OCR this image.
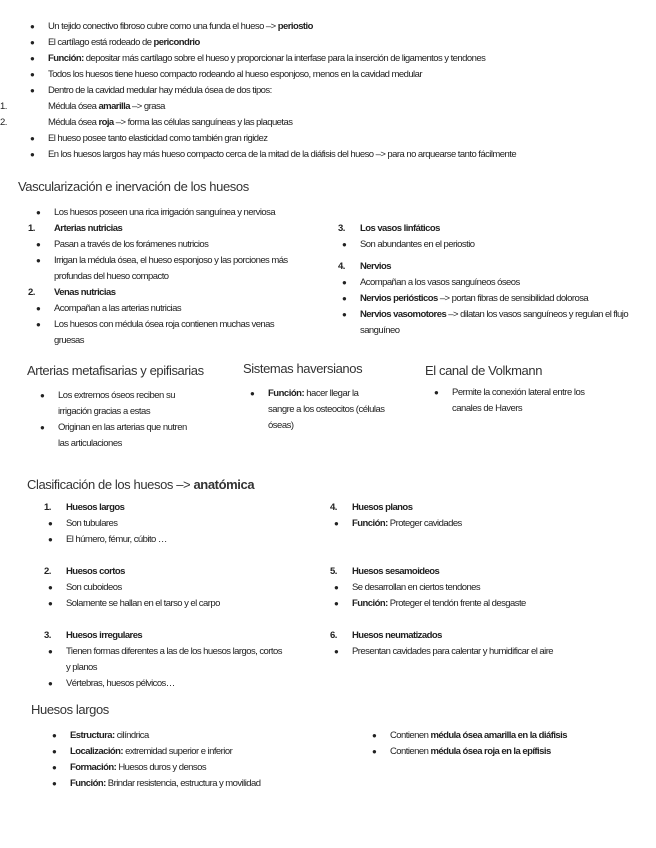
●	Un tejido conectivo fibroso cubre como una funda el hueso –> periostio
●	El cartílago está rodeado de pericondrio
●	Función: depositar más cartílago sobre el hueso y proporcionar la interfase para la inserción de ligamentos y tendones
●	Todos los huesos tiene hueso compacto rodeando al hueso esponjoso, menos en la cavidad medular
●	Dentro de la cavidad medular hay médula ósea de dos tipos:
1.	Médula ósea amarilla –> grasa
2.	Médula ósea roja –> forma las células sanguíneas y las plaquetas
●	El hueso posee tanto elasticidad como también gran rigidez
●	En los huesos largos hay más hueso compacto cerca de la mitad de la diáfisis del hueso –> para no arquearse tanto fácilmente
Vascularización e inervación de los huesos
●	Los huesos poseen una rica irrigación sanguínea y nerviosa
1.	Arterias nutricias
●	Pasan a través de los forámenes nutricios
●	Irrigan la médula ósea, el hueso esponjoso y las porciones más profundas del hueso compacto
2.	Venas nutricias
●	Acompañan a las arterias nutricias
●	Los huesos con médula ósea roja contienen muchas venas gruesas
3.	Los vasos linfáticos
●	Son abundantes en el periostio
4.	Nervios
●	Acompañan a los vasos sanguíneos óseos
●	Nervios periósticos –> portan fibras de sensibilidad dolorosa
●	Nervios vasomotores –> dilatan los vasos sanguíneos y regulan el flujo sanguíneo
Arterias metafisarias y epifisarias
●	Los extremos óseos reciben su irrigación gracias a estas
●	Originan en las arterias que nutren las articulaciones
Sistemas haversianos
●	Función: hacer llegar la sangre a los osteocitos (células óseas)
El canal de Volkmann
●	Permite la conexión lateral entre los canales de Havers
Clasificación de los huesos –> anatómica
1.	Huesos largos
●	Son tubulares
●	El húmero, fémur, cúbito …
2.	Huesos cortos
●	Son cuboideos
●	Solamente se hallan en el tarso y el carpo
3.	Huesos irregulares
●	Tienen formas diferentes a las de los huesos largos, cortos y planos
●	Vértebras, huesos pélvicos…
4.	Huesos planos
●	Función: Proteger cavidades
5.	Huesos sesamoideos
●	Se desarrollan en ciertos tendones
●	Función: Proteger el tendón frente al desgaste
6.	Huesos neumatizados
●	Presentan cavidades para calentar y humidificar el aire
Huesos largos
●	Estructura: cilíndrica
●	Localización: extremidad superior e inferior
●	Formación: Huesos duros y densos
●	Función: Brindar resistencia, estructura y movilidad
●	Contienen médula ósea amarilla en la diáfisis
●	Contienen médula ósea roja en la epífisis
